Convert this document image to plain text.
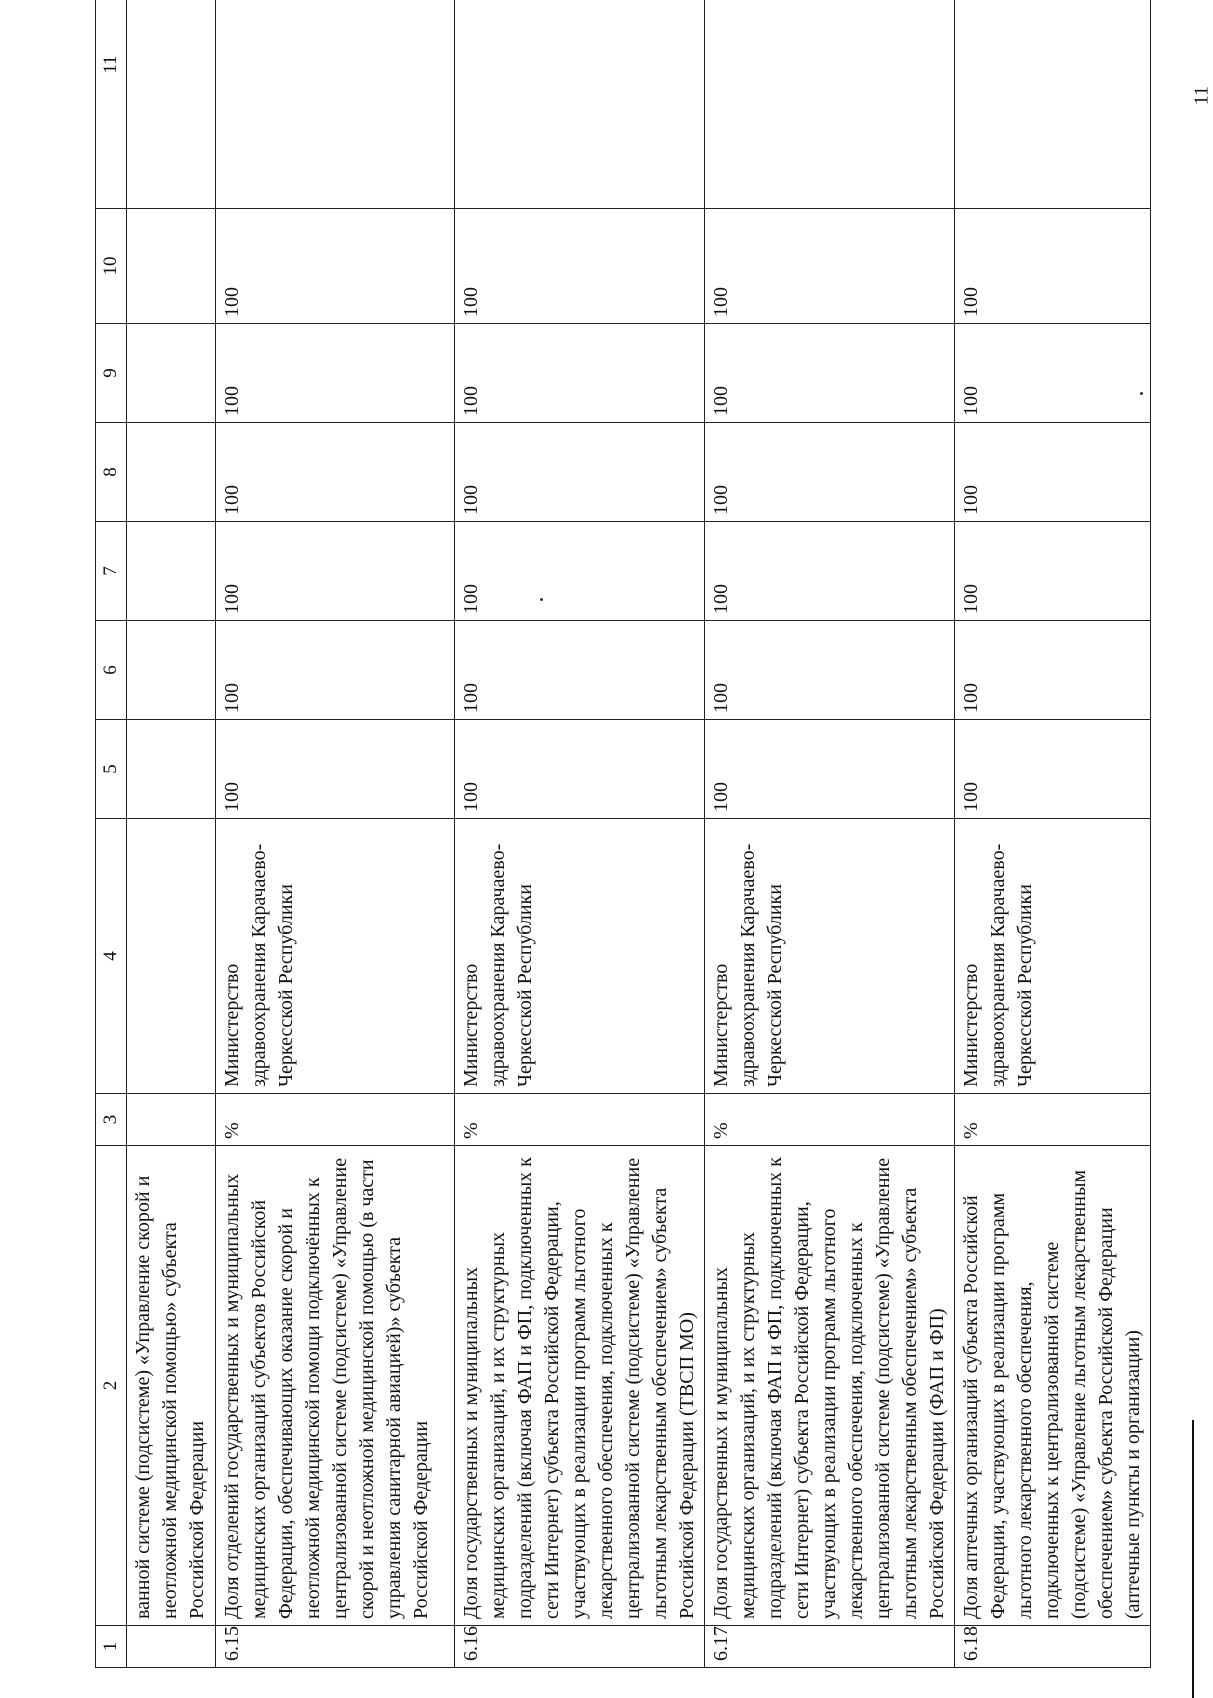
11
1	2	3	4	5	6	7	8	9	10	11
	ванной системе (подсистеме) «Управление скорой и неотложной медицинской помощью» субъекта Российской Федерации									
6.15	Доля отделений государственных и муниципальных медицинских организаций субъектов Российской Федерации, обеспечивающих оказание скорой и неотложной медицинской помощи подключённых к централизованной системе (подсистеме) «Управление скорой и неотложной медицинской помощью (в части управления санитарной авиацией)» субъекта Российской Федерации	%	Министерство здравоохранения Карачаево-Черкесской Республики	100	100	100	100	100	100	
6.16	Доля государственных и муниципальных медицинских организаций, и их структурных подразделений (включая ФАП и ФП, подключенных к сети Интернет) субъекта Российской Федерации, участвующих в реализации программ льготного лекарственного обеспечения, подключенных к централизованной системе (подсистеме) «Управление льготным лекарственным обеспечением» субъекта Российской Федерации (ТВСП МО)	%	Министерство здравоохранения Карачаево-Черкесской Республики	100	100	100	100	100	100	
6.17	Доля государственных и муниципальных медицинских организаций, и их структурных подразделений (включая ФАП и ФП, подключенных к сети Интернет) субъекта Российской Федерации, участвующих в реализации программ льготного лекарственного обеспечения, подключенных к централизованной системе (подсистеме) «Управление льготным лекарственным обеспечением» субъекта Российской Федерации (ФАП и ФП)	%	Министерство здравоохранения Карачаево-Черкесской Республики	100	100	100	100	100	100	
6.18	Доля аптечных организаций субъекта Российской Федерации, участвующих в реализации программ льготного лекарственного обеспечения, подключенных к централизованной системе (подсистеме) «Управление льготным лекарственным обеспечением» субъекта Российской Федерации (аптечные пункты и организации)	%	Министерство здравоохранения Карачаево-Черкесской Республики	100	100	100	100	100	100	
